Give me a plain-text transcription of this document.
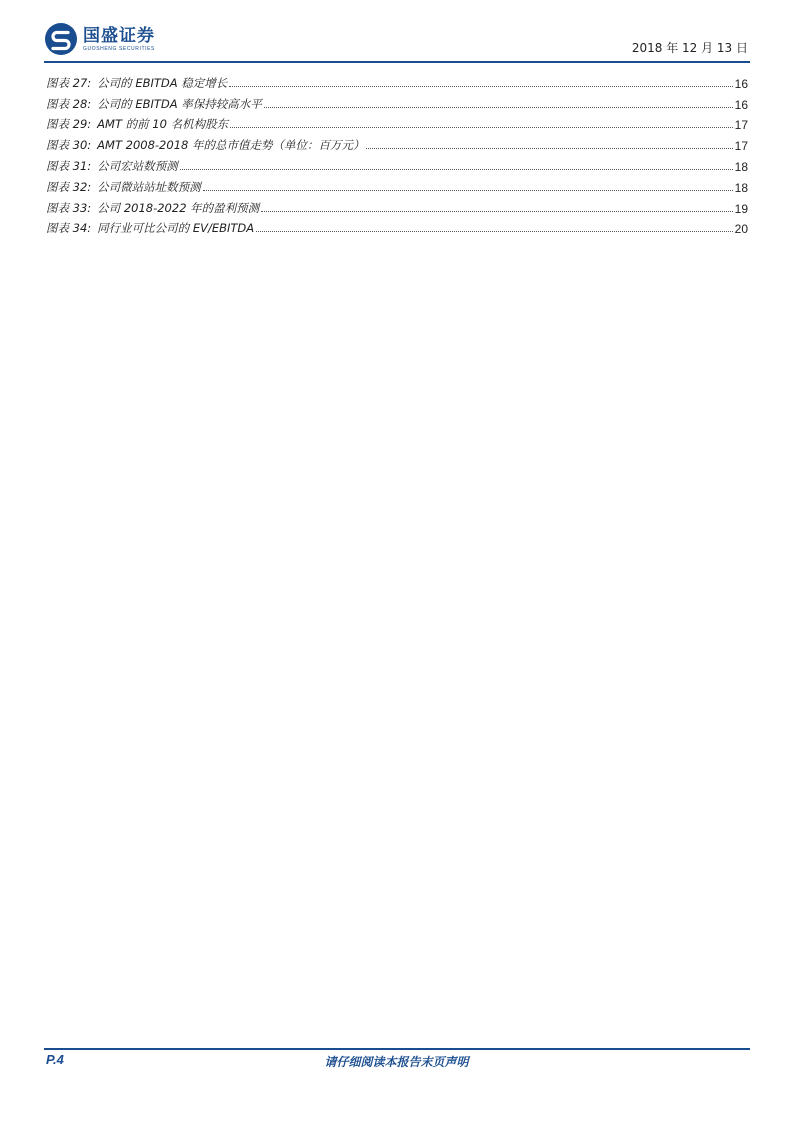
国盛证券
GUOSHENG SECURITIES	2018 年 12 月 13 日
图表 27: 公司的 EBITDA 稳定增长	16
图表 28: 公司的 EBITDA 率保持较高水平	16
图表 29: AMT 的前 10 名机构股东	17
图表 30: AMT 2008-2018 年的总市值走势（单位：百万元）	17
图表 31: 公司宏站数预测	18
图表 32: 公司微站站址数预测	18
图表 33: 公司 2018-2022 年的盈利预测	19
图表 34: 同行业可比公司的 EV/EBITDA	20
P.4	请仔细阅读本报告末页声明
